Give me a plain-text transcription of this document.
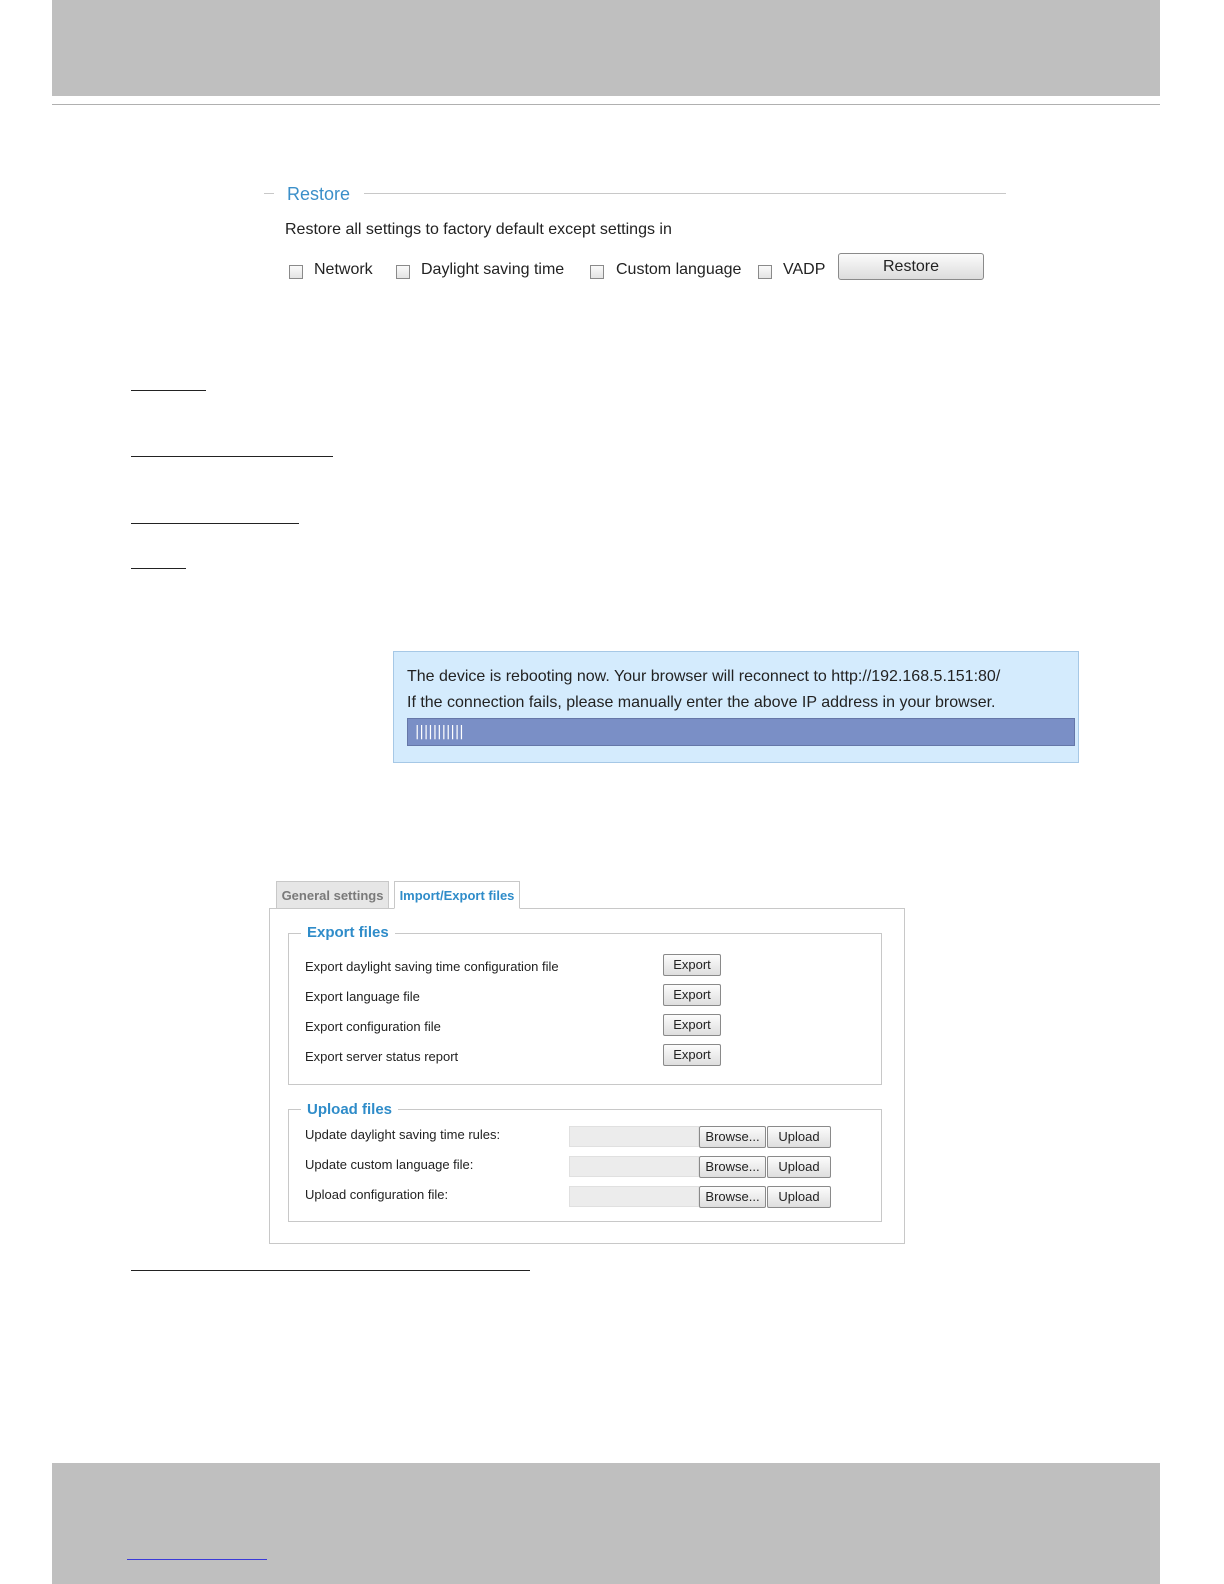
Restore
Restore all settings to factory default except settings in
Network	Daylight saving time	Custom language	VADP	Restore
The device is rebooting now. Your browser will reconnect to http://192.168.5.151:80/
If the connection fails, please manually enter the above IP address in your browser.
|||||||||||
General settings	Import/Export files
Export files
Export daylight saving time configuration file	Export
Export language file	Export
Export configuration file	Export
Export server status report	Export
Upload files
Update daylight saving time rules:	Browse...	Upload
Update custom language file:	Browse...	Upload
Upload configuration file:	Browse...	Upload
